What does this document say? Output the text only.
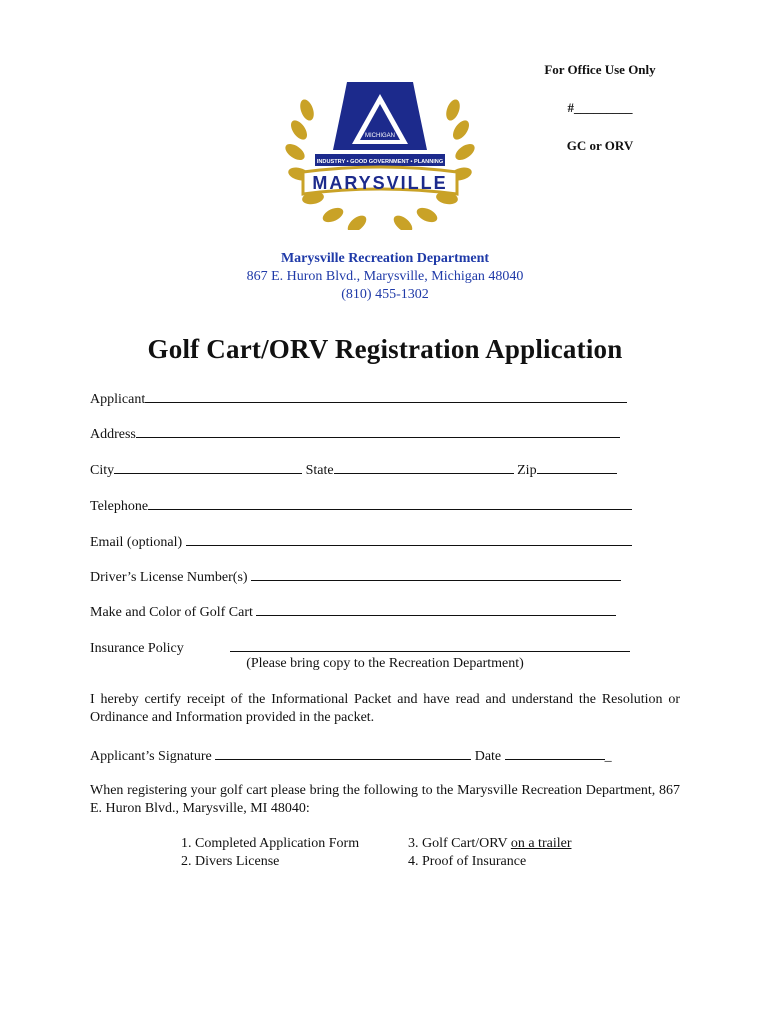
For Office Use Only
#_________
GC or ORV
MICHIGAN
INDUSTRY • GOOD GOVERNMENT • PLANNING
MARYSVILLE
Marysville Recreation Department
867 E. Huron Blvd., Marysville, Michigan 48040
(810) 455-1302
Golf Cart/ORV Registration Application
Applicant
Address
City	State	Zip
Telephone
Email (optional)
Driver’s License Number(s)
Make and Color of Golf Cart
Insurance Policy
(Please bring copy to the Recreation Department)
I hereby certify receipt of the Informational Packet and have read and understand the Resolution or Ordinance and Information provided in the packet.
Applicant’s Signature	Date	_
When registering your golf cart please bring the following to the Marysville Recreation Department, 867 E. Huron Blvd., Marysville, MI 48040:
1. Completed Application Form
2. Divers License
3. Golf Cart/ORV on a trailer
4. Proof of Insurance
